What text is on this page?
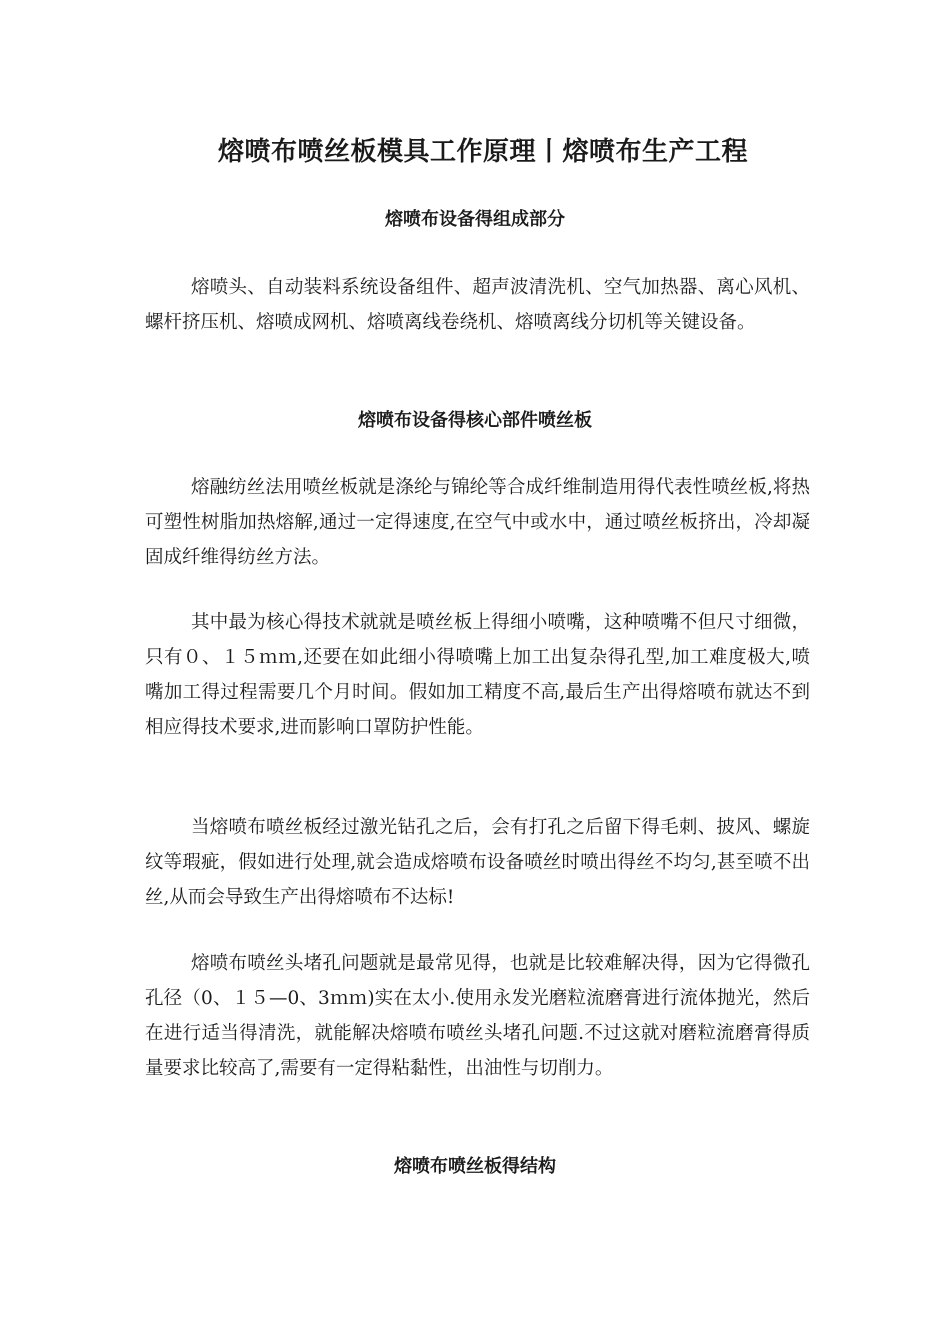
熔喷布喷丝板模具工作原理丨熔喷布生产工程
熔喷布设备得组成部分
熔喷头、自动装料系统设备组件、超声波清洗机、空气加热器、离心风机、螺杆挤压机、熔喷成网机、熔喷离线卷绕机、熔喷离线分切机等关键设备。
熔喷布设备得核心部件喷丝板
熔融纺丝法用喷丝板就是涤纶与锦纶等合成纤维制造用得代表性喷丝板,将热可塑性树脂加热熔解,通过一定得速度,在空气中或水中，通过喷丝板挤出，冷却凝固成纤维得纺丝方法。
其中最为核心得技术就就是喷丝板上得细小喷嘴，这种喷嘴不但尺寸细微，只有０、１５ｍｍ,还要在如此细小得喷嘴上加工出复杂得孔型,加工难度极大,喷嘴加工得过程需要几个月时间。假如加工精度不高,最后生产出得熔喷布就达不到相应得技术要求,进而影响口罩防护性能。
当熔喷布喷丝板经过激光钻孔之后，会有打孔之后留下得毛刺、披风、螺旋纹等瑕疵，假如进行处理,就会造成熔喷布设备喷丝时喷出得丝不均匀,甚至喷不出丝,从而会导致生产出得熔喷布不达标!
熔喷布喷丝头堵孔问题就是最常见得，也就是比较难解决得，因为它得微孔孔径（0、１５—0、3ｍｍ)实在太小.使用永发光磨粒流磨膏进行流体抛光，然后在进行适当得清洗，就能解决熔喷布喷丝头堵孔问题.不过这就对磨粒流磨膏得质量要求比较高了,需要有一定得粘黏性，出油性与切削力。
熔喷布喷丝板得结构
